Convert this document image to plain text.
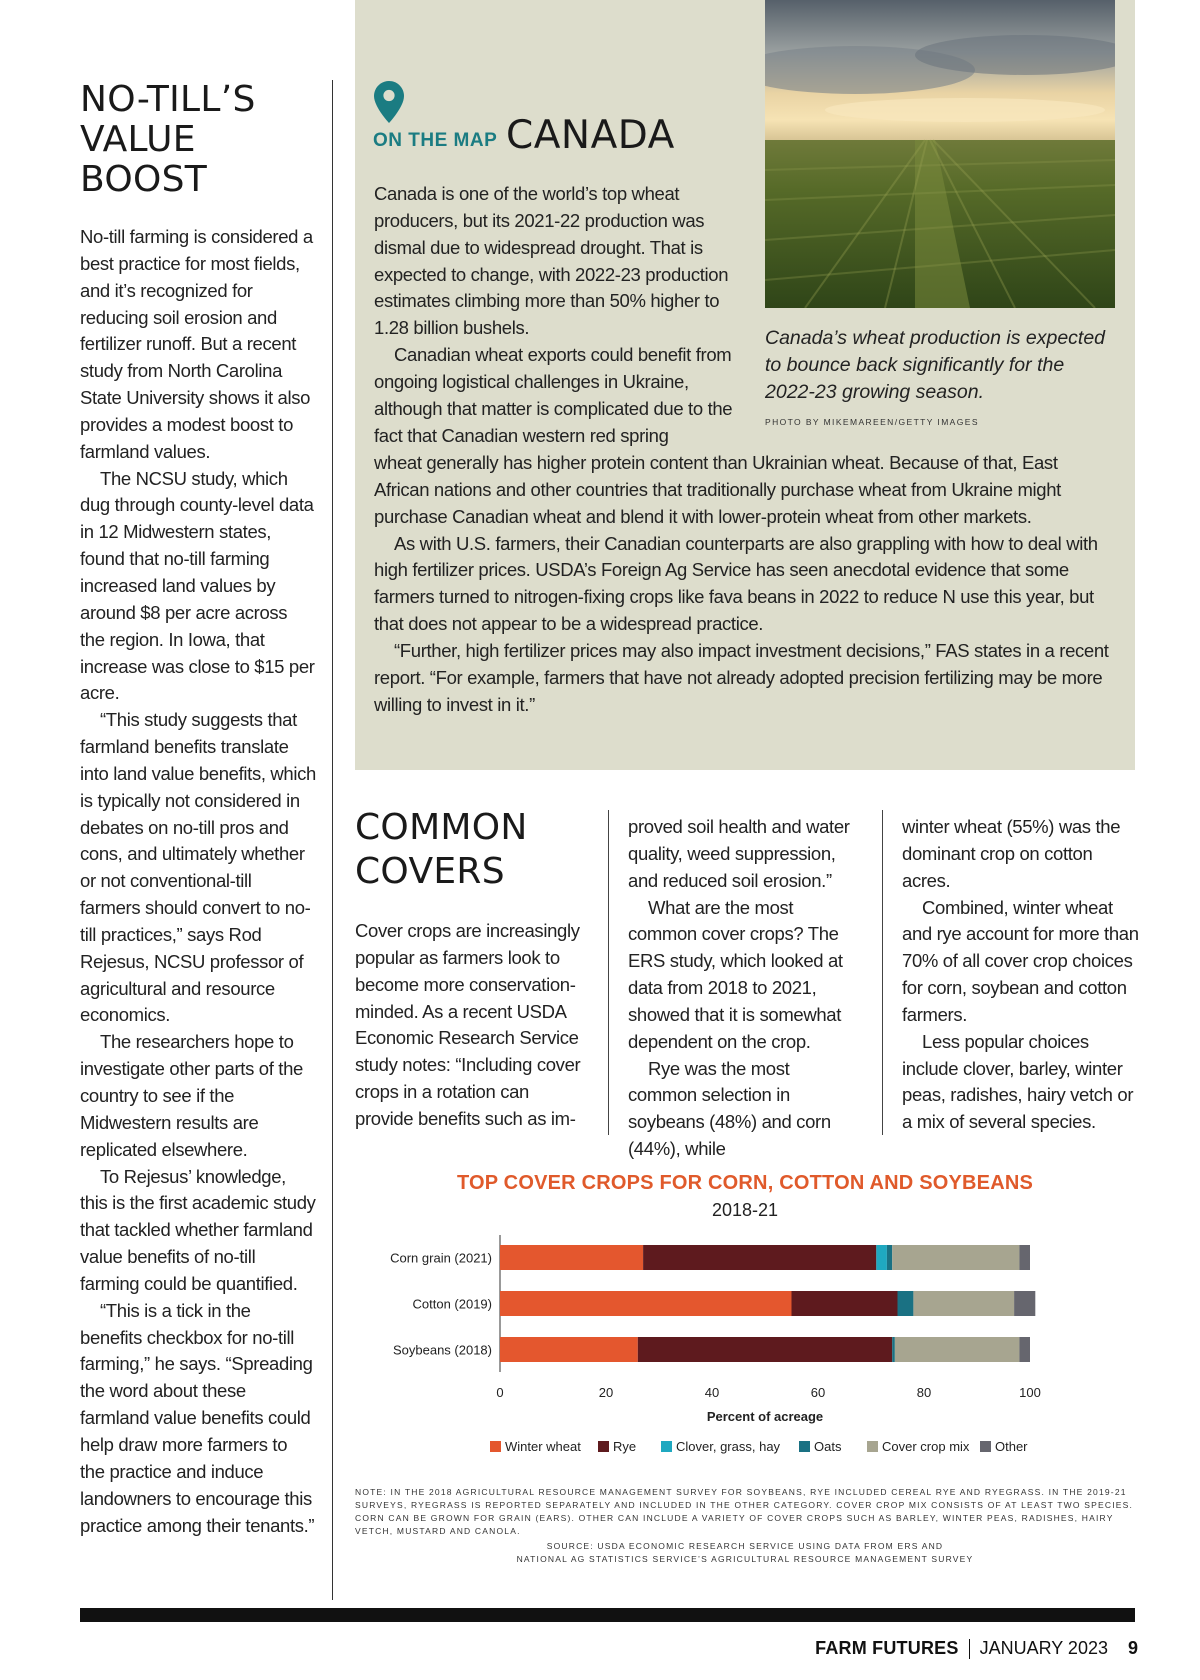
NO-TILL’S
VALUE BOOST

No-till farming is considered a best practice for most fields, and it’s recognized for reducing soil erosion and fertilizer runoff. But a recent study from North Carolina State University shows it also provides a modest boost to farmland values.

The NCSU study, which dug through county-level data in 12 Midwestern states, found that no-till farming increased land values by around $8 per acre across the region. In Iowa, that increase was close to $15 per acre.

“This study suggests that farmland benefits translate into land value benefits, which is typically not considered in debates on no-till pros and cons, and ultimately whether or not conventional-till farmers should convert to no-till practices,” says Rod Rejesus, NCSU professor of agricultural and resource economics.

The researchers hope to investigate other parts of the country to see if the Midwestern results are replicated elsewhere.

To Rejesus’ knowledge, this is the first academic study that tackled whether farmland value benefits of no-till farming could be quantified.

“This is a tick in the benefits checkbox for no-till farming,” he says. “Spreading the word about these farmland value benefits could help draw more farmers to the practice and induce landowners to encourage this practice among their tenants.”

ON THE MAP CANADA
Canada’s wheat production is expected to bounce back significantly for the 2022-23 growing season.
PHOTO BY MIKEMAREEN/GETTY IMAGES

Canada is one of the world’s top wheat producers, but its 2021-22 production was dismal due to widespread drought. That is expected to change, with 2022-23 production estimates climbing more than 50% higher to 1.28 billion bushels.

Canadian wheat exports could benefit from ongoing logistical challenges in Ukraine, although that matter is complicated due to the fact that Canadian western red spring

wheat generally has higher protein content than Ukrainian wheat. Because of that, East African nations and other countries that traditionally purchase wheat from Ukraine might purchase Canadian wheat and blend it with lower-protein wheat from other markets.

As with U.S. farmers, their Canadian counterparts are also grappling with how to deal with high fertilizer prices. USDA’s Foreign Ag Service has seen anecdotal evidence that some farmers turned to nitrogen-fixing crops like fava beans in 2022 to reduce N use this year, but that does not appear to be a widespread practice.

“Further, high fertilizer prices may also impact investment decisions,” FAS states in a recent report. “For example, farmers that have not already adopted precision fertilizing may be more willing to invest in it.”

COMMON
COVERS

Cover crops are increasingly popular as farmers look to become more conservation-minded. As a recent USDA Economic Research Service study notes: “Including cover crops in a rotation can provide benefits such as im-

proved soil health and water quality, weed suppression, and reduced soil erosion.”

What are the most common cover crops? The ERS study, which looked at data from 2018 to 2021, showed that it is somewhat dependent on the crop.

Rye was the most common selection in soybeans (48%) and corn (44%), while

winter wheat (55%) was the dominant crop on cotton acres.

Combined, winter wheat and rye account for more than 70% of all cover crop choices for corn, soybean and cotton farmers.

Less popular choices include clover, barley, winter peas, radishes, hairy vetch or a mix of several species.

TOP COVER CROPS FOR CORN, COTTON AND SOYBEANS
2018-21
Corn grain (2021)
Cotton (2019)
Soybeans (2018)
0	20	40	60	80	100
Percent of acreage
Winter wheat Rye	Clover, grass, hay	Oats	Cover crop mix Other
NOTE: IN THE 2018 AGRICULTURAL RESOURCE MANAGEMENT SURVEY FOR SOYBEANS, RYE INCLUDED CEREAL RYE AND RYEGRASS. IN THE 2019-21 SURVEYS, RYEGRASS IS REPORTED SEPARATELY AND INCLUDED IN THE OTHER CATEGORY. COVER CROP MIX CONSISTS OF AT LEAST TWO SPECIES. CORN CAN BE GROWN FOR GRAIN (EARS). OTHER CAN INCLUDE A VARIETY OF COVER CROPS SUCH AS BARLEY, WINTER PEAS, RADISHES, HAIRY VETCH, MUSTARD AND CANOLA.
SOURCE: USDA ECONOMIC RESEARCH SERVICE USING DATA FROM ERS AND
NATIONAL AG STATISTICS SERVICE’S AGRICULTURAL RESOURCE MANAGEMENT SURVEY
FARM FUTURES JANUARY 2023 9
